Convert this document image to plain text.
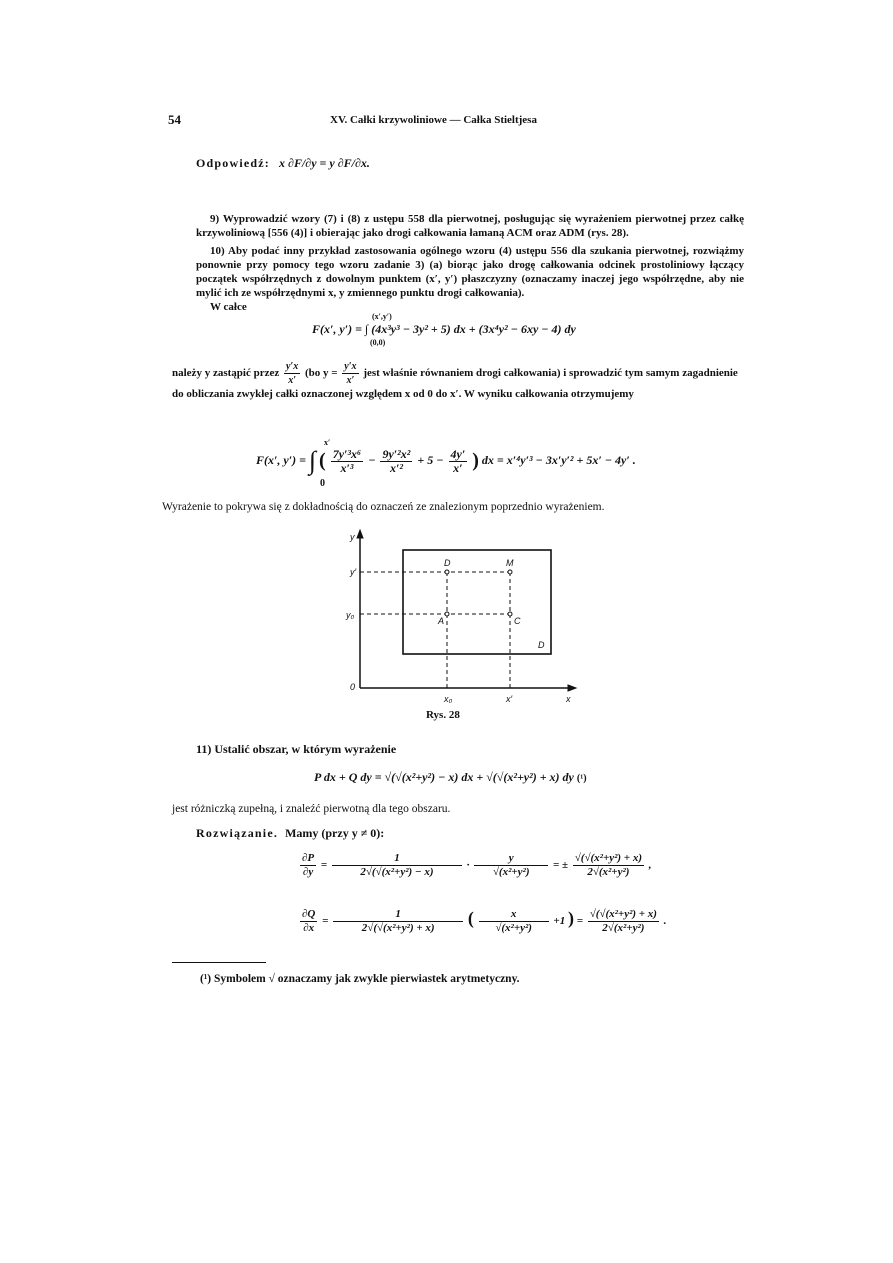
54	XV. Całki krzywoliniowe — Całka Stieltjesa
Odpowiedź: x ∂F/∂y = y ∂F/∂x.
9) Wyprowadzić wzory (7) i (8) z ustępu 558 dla pierwotnej, posługując się wyrażeniem pierwotnej przez całkę krzywoliniową [556 (4)] i obierając jako drogi całkowania łamaną ACM oraz ADM (rys. 28).
10) Aby podać inny przykład zastosowania ogólnego wzoru (4) ustępu 556 dla szukania pierwotnej, rozwiążmy ponownie przy pomocy tego wzoru zadanie 3) (a) biorąc jako drogę całkowania odcinek prostoliniowy łączący początek współrzędnych z dowolnym punktem (x′, y′) płaszczyzny (oznaczamy inaczej jego współrzędne, aby nie mylić ich ze współrzędnymi x, y zmiennego punktu drogi całkowania).
W całce
(x′,y′)
F(x′, y′) = ∫ (4x³y³ − 3y² + 5) dx + (3x⁴y² − 6xy − 4) dy
(0,0)
należy y zastąpić przez $\frac{y'x}{x'} (bo$ $y = \frac{y'x}{x'}$ jest właśnie równaniem drogi całkowania) i sprowadzić tym samym zagadnienie do obliczania zwykłej całki oznaczonej względem x od 0 do x′. W wyniku całkowania otrzymujemy
x′
0
F(x′, y′) = ∫ ( $\frac{\text{7y′³x⁶}}{\text{x′³}} - \frac{\text{9y′²x²}}{\text{x′²}} + 5 - \frac{4y'}{x'}$ ) dx = x′⁴y′³ − 3x′y′² + 5x′ − 4y′ .
Wyrażenie to pokrywa się z dokładnością do oznaczeń ze znalezionym poprzednio wyrażeniem.
y
y′
y₀
0
D	M
A	C
D
x₀	x′	x
Rys. 28
11) Ustalić obszar, w którym wyrażenie
P dx + Q dy = √(√(x²+y²) − x) dx + √(√(x²+y²) + x) dy (¹)
jest różniczką zupełną, i znaleźć pierwotną dla tego obszaru.
Rozwiązanie. Mamy (przy y ≠ 0):
$\frac{\partial P}{\partial y} = \frac{1}{\text{2√(√(x²+y²) − x)}} \cdot \frac{y}{\text{√(x²+y²)}}$ = ± $\frac{\text{√(√(x²+y²) + x)}}{\text{2√(x²+y²)}}$ ,
$\frac{\partial Q}{\partial x} = \frac{1}{\text{2√(√(x²+y²) + x)}}$ ( $\frac{x}{\text{√(x²+y²)}} +1$ ) = $\frac{\text{√(√(x²+y²) + x)}}{\text{2√(x²+y²)}}$ .
(¹) Symbolem √ oznaczamy jak zwykle pierwiastek arytmetyczny.
